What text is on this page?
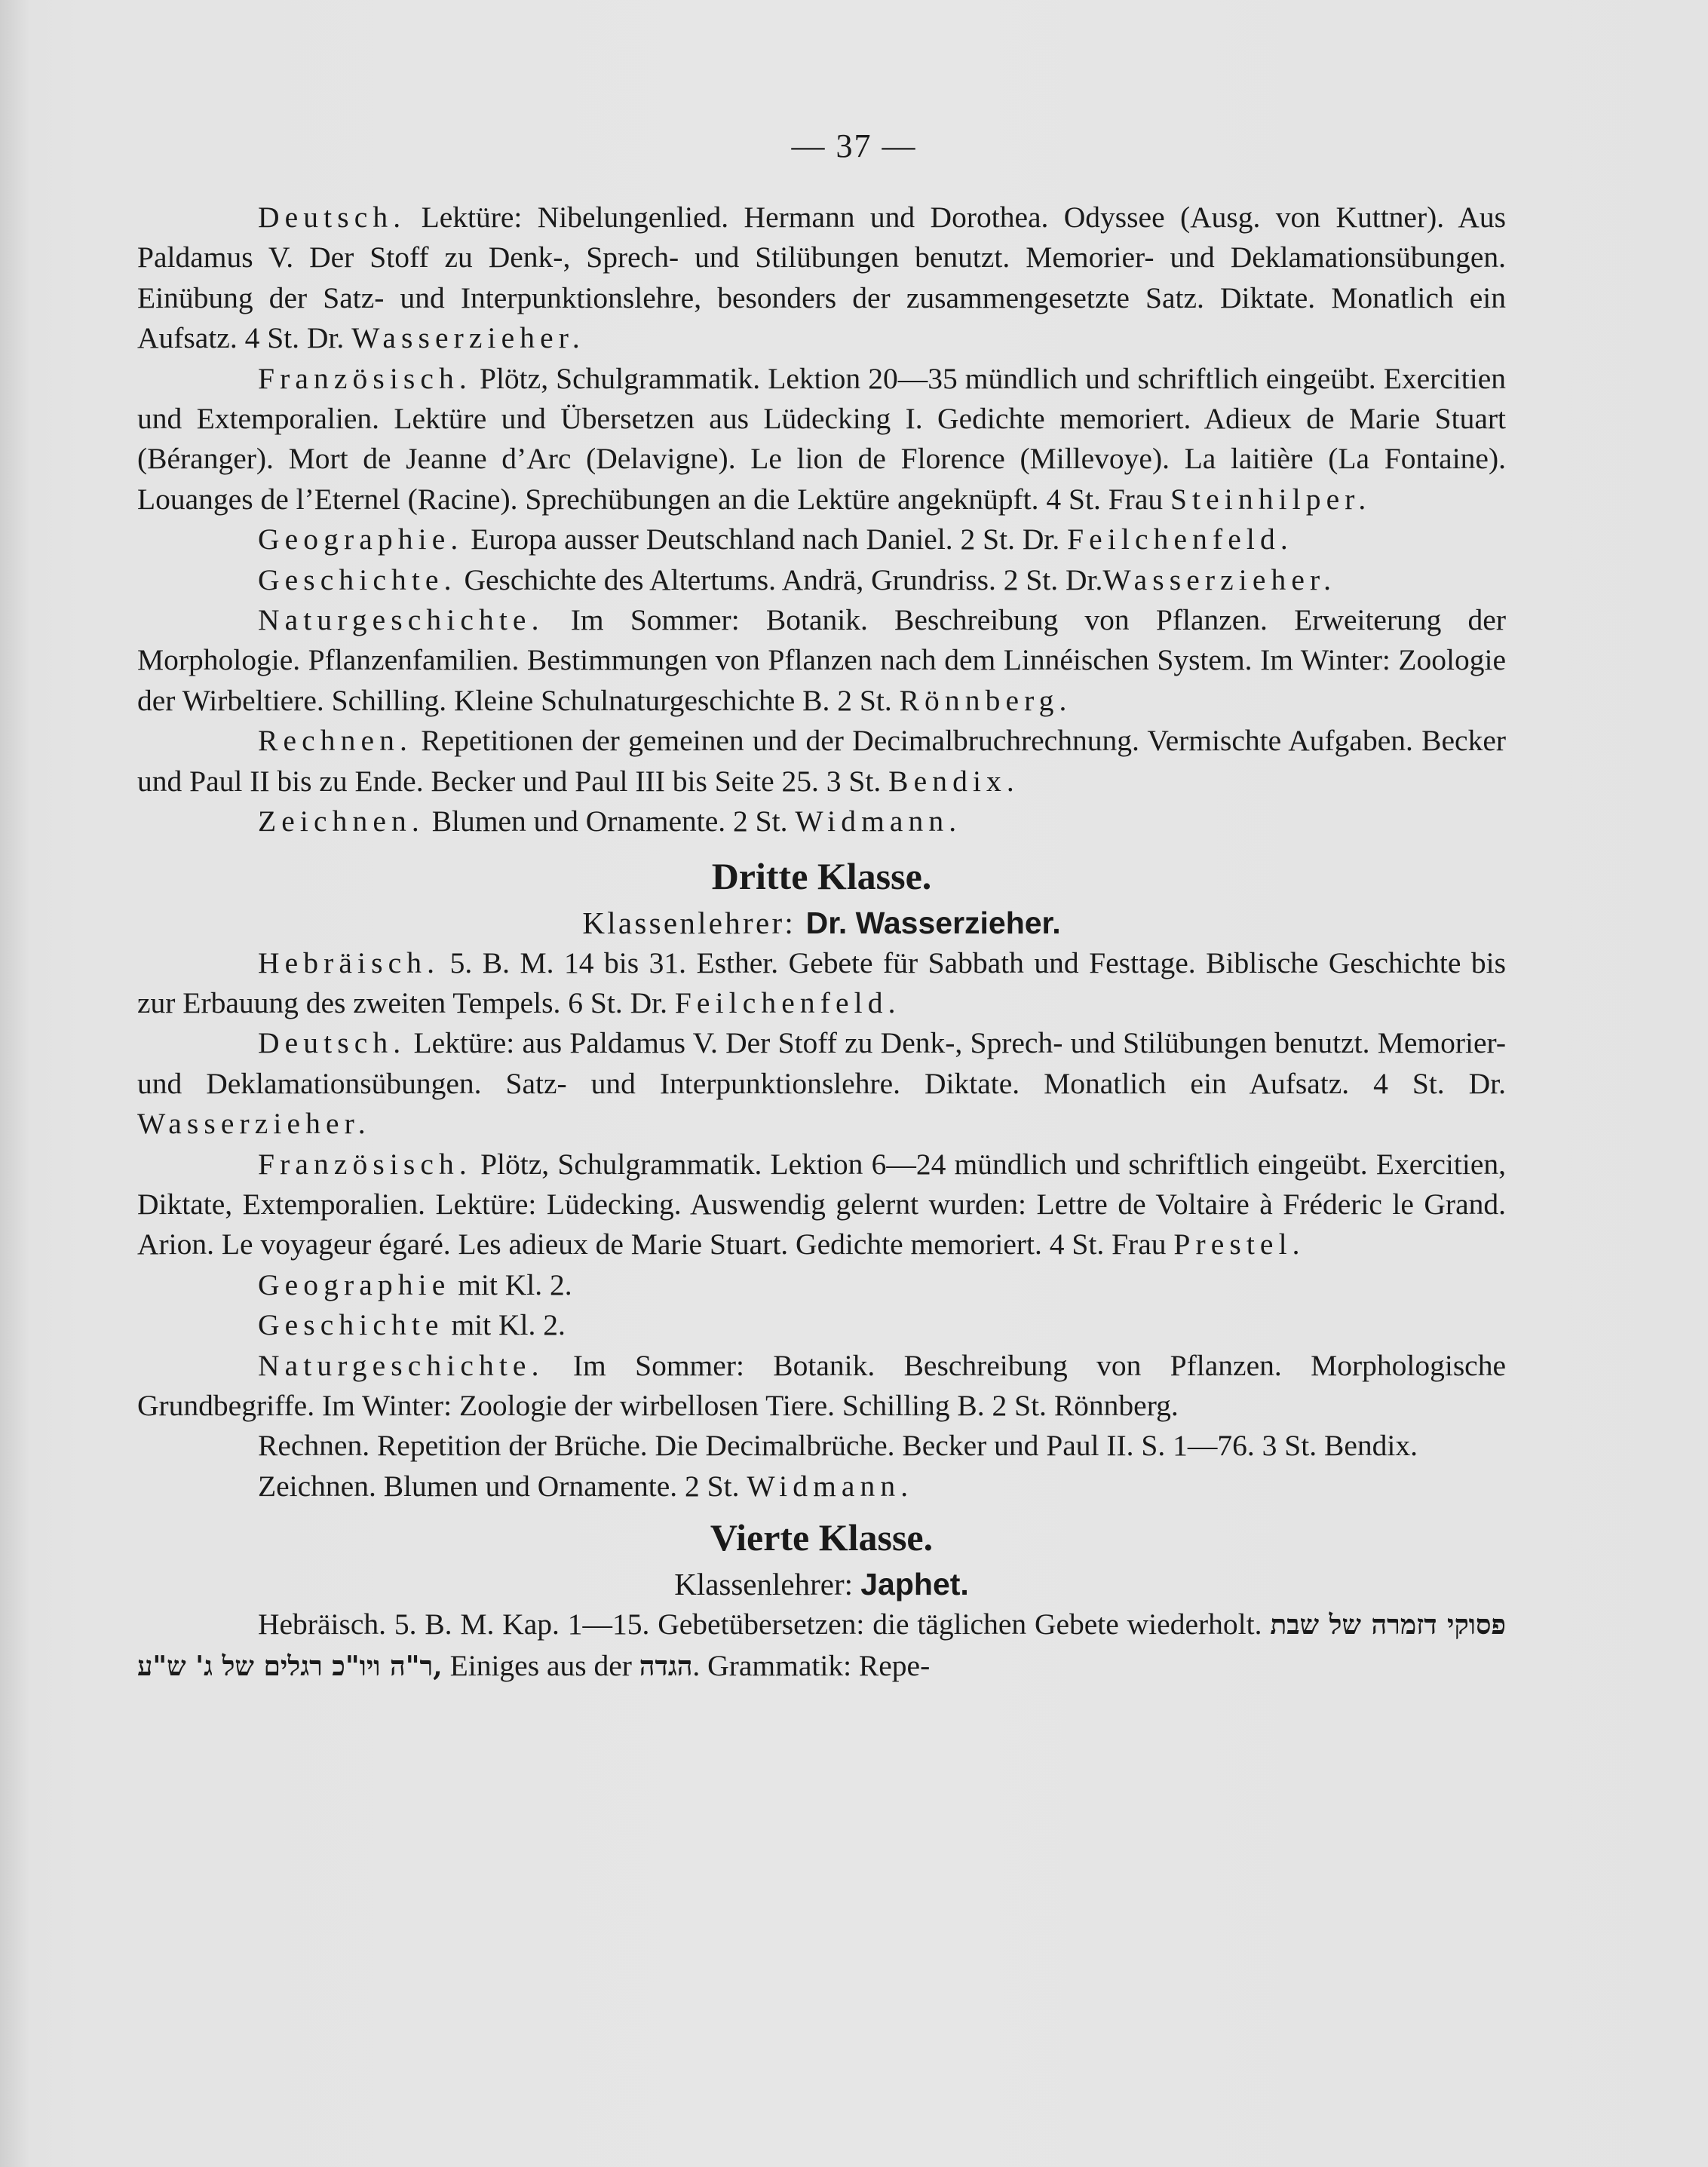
— 37 —

Deutsch. Lektüre: Nibelungenlied. Hermann und Dorothea. Odyssee (Ausg. von Kuttner). Aus Paldamus V. Der Stoff zu Denk-, Sprech- und Stilübungen benutzt. Memorier- und Deklamationsübungen. Einübung der Satz- und Interpunktionslehre, besonders der zusammengesetzte Satz. Diktate. Monatlich ein Aufsatz. 4 St. Dr. Wasserzieher.

Französisch. Plötz, Schulgrammatik. Lektion 20—35 mündlich und schriftlich eingeübt. Exercitien und Extemporalien. Lektüre und Übersetzen aus Lüdecking I. Gedichte memoriert. Adieux de Marie Stuart (Béranger). Mort de Jeanne d’Arc (Delavigne). Le lion de Florence (Millevoye). La laitière (La Fontaine). Louanges de l’Eternel (Racine). Sprechübungen an die Lektüre angeknüpft. 4 St. Frau Steinhilper.

Geographie. Europa ausser Deutschland nach Daniel. 2 St. Dr. Feilchenfeld.

Geschichte. Geschichte des Altertums. Andrä, Grundriss. 2 St. Dr.Wasserzieher.

Naturgeschichte. Im Sommer: Botanik. Beschreibung von Pflanzen. Erweiterung der Morphologie. Pflanzenfamilien. Bestimmungen von Pflanzen nach dem Linnéischen System. Im Winter: Zoologie der Wirbeltiere. Schilling. Kleine Schulnaturgeschichte B. 2 St. Rönnberg.

Rechnen. Repetitionen der gemeinen und der Decimalbruchrechnung. Vermischte Aufgaben. Becker und Paul II bis zu Ende. Becker und Paul III bis Seite 25. 3 St. Bendix.

Zeichnen. Blumen und Ornamente. 2 St. Widmann.

Dritte Klasse.

Klassenlehrer: Dr. Wasserzieher.

Hebräisch. 5. B. M. 14 bis 31. Esther. Gebete für Sabbath und Festtage. Biblische Geschichte bis zur Erbauung des zweiten Tempels. 6 St. Dr. Feilchenfeld.

Deutsch. Lektüre: aus Paldamus V. Der Stoff zu Denk-, Sprech- und Stilübungen benutzt. Memorier- und Deklamationsübungen. Satz- und Interpunktionslehre. Diktate. Monatlich ein Aufsatz. 4 St. Dr. Wasserzieher.

Französisch. Plötz, Schulgrammatik. Lektion 6—24 mündlich und schriftlich eingeübt. Exercitien, Diktate, Extemporalien. Lektüre: Lüdecking. Auswendig gelernt wurden: Lettre de Voltaire à Fréderic le Grand. Arion. Le voyageur égaré. Les adieux de Marie Stuart. Gedichte memoriert. 4 St. Frau Prestel.

Geographie mit Kl. 2.

Geschichte mit Kl. 2.

Naturgeschichte. Im Sommer: Botanik. Beschreibung von Pflanzen. Morphologische Grundbegriffe. Im Winter: Zoologie der wirbellosen Tiere. Schilling B. 2 St. Rönnberg.

Rechnen. Repetition der Brüche. Die Decimalbrüche. Becker und Paul II. S. 1—76. 3 St. Bendix.

Zeichnen. Blumen und Ornamente. 2 St. Widmann.

Vierte Klasse.

Klassenlehrer: Japhet.

Hebräisch. 5. B. M. Kap. 1—15. Gebetübersetzen: die täglichen Gebete wiederholt. פסוקי דזמרה של שבת ,ר"ה ויו"כ רגלים של ג' ש"ע Einiges aus der הגדה. Grammatik: Repe-
